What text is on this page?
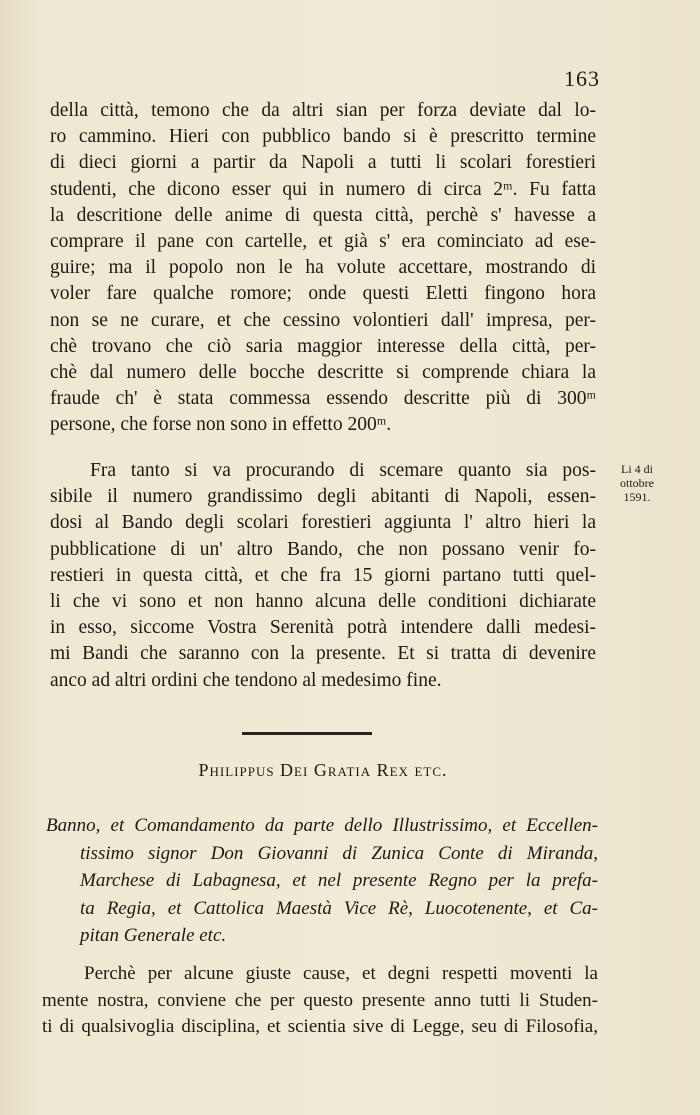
163

della città, temono che da altri sian per forza deviate dal lo-
ro cammino. Hieri con pubblico bando si è prescritto termine
di dieci giorni a partir da Napoli a tutti li scolari forestieri
studenti, che dicono esser qui in numero di circa 2ᵐ. Fu fatta
la descritione delle anime di questa città, perchè s' havesse a
comprare il pane con cartelle, et già s' era cominciato ad ese-
guire; ma il popolo non le ha volute accettare, mostrando di
voler fare qualche romore; onde questi Eletti fingono hora
non se ne curare, et che cessino volontieri dall' impresa, per-
chè trovano che ciò saria maggior interesse della città, per-
chè dal numero delle bocche descritte si comprende chiara la
fraude ch' è stata commessa essendo descritte più di 300ᵐ
persone, che forse non sono in effetto 200ᵐ.

Fra tanto si va procurando di scemare quanto sia pos-

sibile il numero grandissimo degli abitanti di Napoli, essen-
dosi al Bando degli scolari forestieri aggiunta l' altro hieri la
pubblicatione di un' altro Bando, che non possano venir fo-
restieri in questa città, et che fra 15 giorni partano tutti quel-
li che vi sono et non hanno alcuna delle conditioni dichiarate
in esso, siccome Vostra Serenità potrà intendere dalli medesi-
mi Bandi che saranno con la presente. Et si tratta di devenire
anco ad altri ordini che tendono al medesimo fine.

Li 4 di
ottobre
1591.
Philippus Dei Gratia Rex etc.
Banno, et Comandamento da parte dello Illustrissimo, et Eccellen-
tissimo signor Don Giovanni di Zunica Conte di Miranda,
Marchese di Labagnesa, et nel presente Regno per la prefa-
ta Regia, et Cattolica Maestà Vice Rè, Luocotenente, et Ca-
pitan Generale etc.
Perchè per alcune giuste cause, et degni respetti moventi la
mente nostra, conviene che per questo presente anno tutti li Studen-
ti di qualsivoglia disciplina, et scientia sive di Legge, seu di Filosofia,
